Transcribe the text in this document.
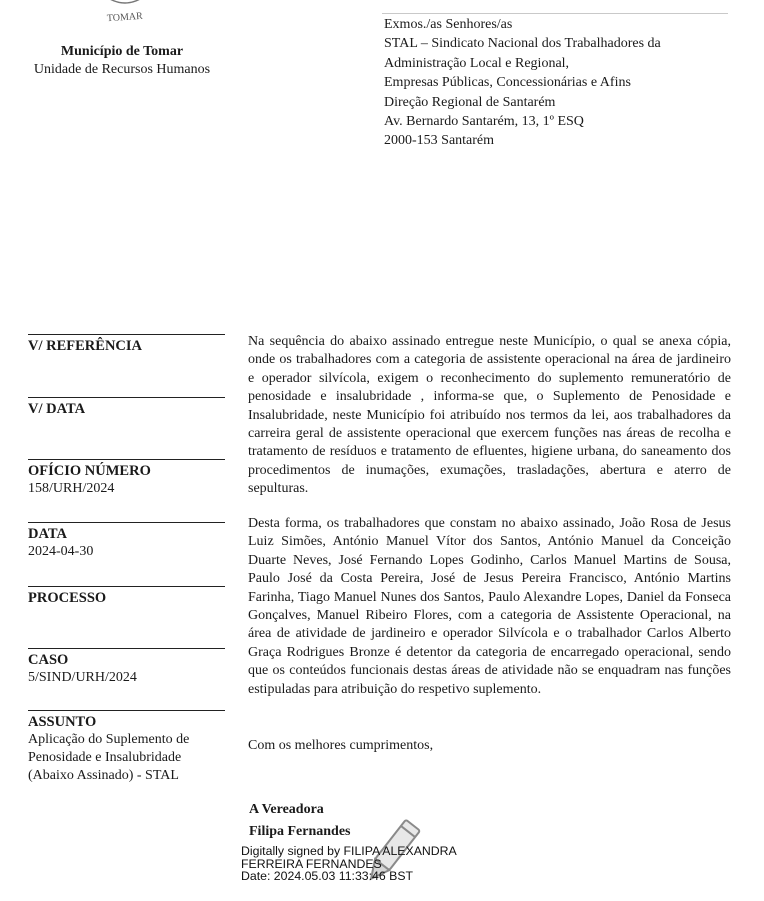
TOMAR
Município de Tomar
Unidade de Recursos Humanos
Exmos./as Senhores/as
STAL – Sindicato Nacional dos Trabalhadores da
Administração Local e Regional,
Empresas Públicas, Concessionárias e Afins
Direção Regional de Santarém
Av. Bernardo Santarém, 13, 1º ESQ
2000-153 Santarém
V/ REFERÊNCIA
V/ DATA
OFÍCIO NÚMERO
158/URH/2024
DATA
2024-04-30
PROCESSO
CASO
5/SIND/URH/2024
ASSUNTO
Aplicação do Suplemento de
Penosidade e Insalubridade
(Abaixo Assinado) - STAL
Na sequência do abaixo assinado entregue neste Município, o qual se anexa cópia, onde os trabalhadores com a categoria de assistente operacional na área de jardineiro e operador silvícola, exigem o reconhecimento do suplemento remuneratório de penosidade e insalubridade , informa-se que, o Suplemento de Penosidade e Insalubridade, neste Município foi atribuído nos termos da lei, aos trabalhadores da carreira geral de assistente operacional que exercem funções nas áreas de recolha e tratamento de resíduos e tratamento de efluentes, higiene urbana, do saneamento dos procedimentos de inumações, exumações, trasladações, abertura e aterro de sepulturas.
Desta forma, os trabalhadores que constam no abaixo assinado, João Rosa de Jesus Luiz Simões, António Manuel Vítor dos Santos, António Manuel da Conceição Duarte Neves, José Fernando Lopes Godinho, Carlos Manuel Martins de Sousa, Paulo José da Costa Pereira, José de Jesus Pereira Francisco, António Martins Farinha, Tiago Manuel Nunes dos Santos, Paulo Alexandre Lopes, Daniel da Fonseca Gonçalves, Manuel Ribeiro Flores, com a categoria de Assistente Operacional, na área de atividade de jardineiro e operador Silvícola e o trabalhador Carlos Alberto Graça Rodrigues Bronze é detentor da categoria de encarregado operacional, sendo que os conteúdos funcionais destas áreas de atividade não se enquadram nas funções estipuladas para atribuição do respetivo suplemento.
Com os melhores cumprimentos,
A Vereadora
Filipa Fernandes
Digitally signed by FILIPA ALEXANDRA
FERREIRA FERNANDES
Date: 2024.05.03 11:33:46 BST
